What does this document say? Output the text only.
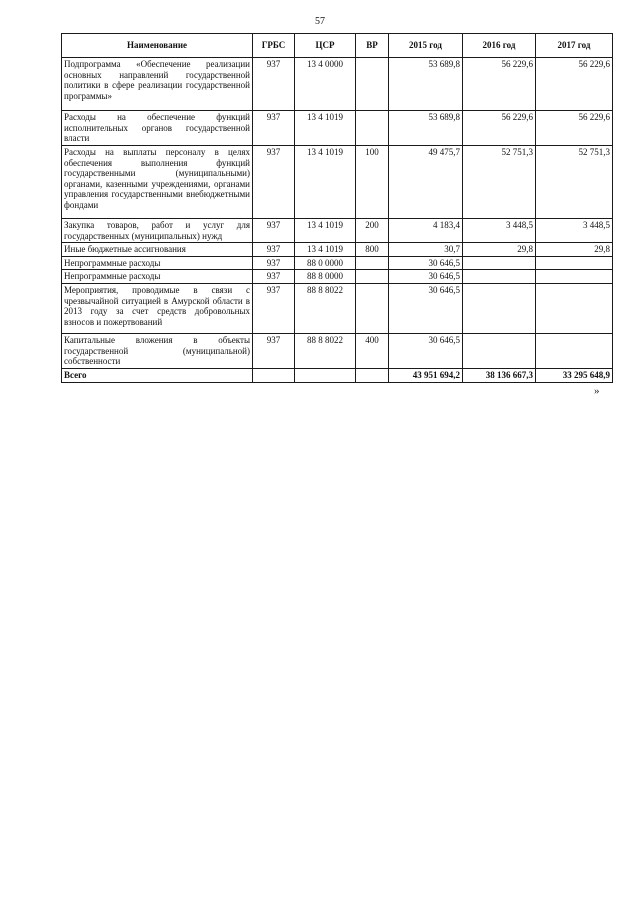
57
Наименование	ГРБС	ЦСР	ВР	2015 год	2016 год	2017 год
Подпрограмма «Обеспечение реализации основных направлений государственной политики в сфере реализации государственной программы»	937	13 4 0000		53 689,8	56 229,6	56 229,6
Расходы на обеспечение функций исполнительных органов государственной власти	937	13 4 1019		53 689,8	56 229,6	56 229,6
Расходы на выплаты персоналу в целях обеспечения выполнения функций государственными (муниципальными) органами, казенными учреждениями, органами управления государственными внебюджетными фондами	937	13 4 1019	100	49 475,7	52 751,3	52 751,3
Закупка товаров, работ и услуг для государственных (муниципальных) нужд	937	13 4 1019	200	4 183,4	3 448,5	3 448,5
Иные бюджетные ассигнования	937	13 4 1019	800	30,7	29,8	29,8
Непрограммные расходы	937	88 0 0000		30 646,5		
Непрограммные расходы	937	88 8 0000		30 646,5		
Мероприятия, проводимые в связи с чрезвычайной ситуацией в Амурской области в 2013 году за счет средств добровольных взносов и пожертвований	937	88 8 8022		30 646,5		
Капитальные вложения в объекты государственной (муниципальной) собственности	937	88 8 8022	400	30 646,5		
Всего				43 951 694,2	38 136 667,3	33 295 648,9
»
